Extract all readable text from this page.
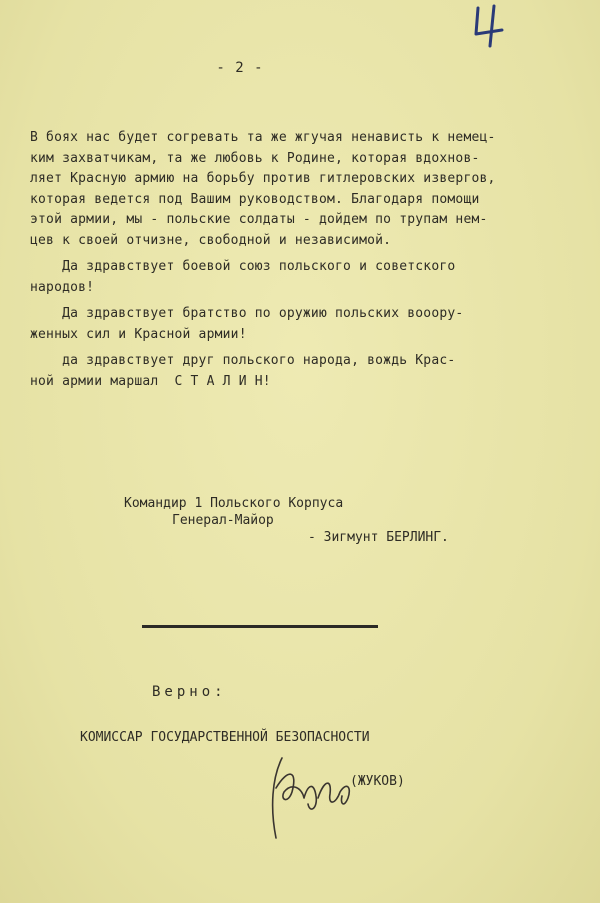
- 2 -
В боях нас будет согревать та же жгучая ненависть к немец-
ким захватчикам, та же любовь к Родине, которая вдохнов-
ляет Красную армию на борьбу против гитлеровских извергов,
которая ведется под Вашим руководством. Благодаря помощи
этой армии, мы - польские солдаты - дойдем по трупам нем-
цев к своей отчизне, свободной и независимой.
Да здравствует боевой союз польского и советского
народов!
Да здравствует братство по оружию польских вооору-
женных сил и Красной армии!
да здравствует друг польского народа, вождь Крас-
ной армии маршал  С Т А Л И Н!
Командир 1 Польского Корпуса
Генерал-Майор
- Зигмунт БЕРЛИНГ.
Верно:
КОМИССАР ГОСУДАРСТВЕННОЙ БЕЗОПАСНОСТИ
(ЖУКОВ)
